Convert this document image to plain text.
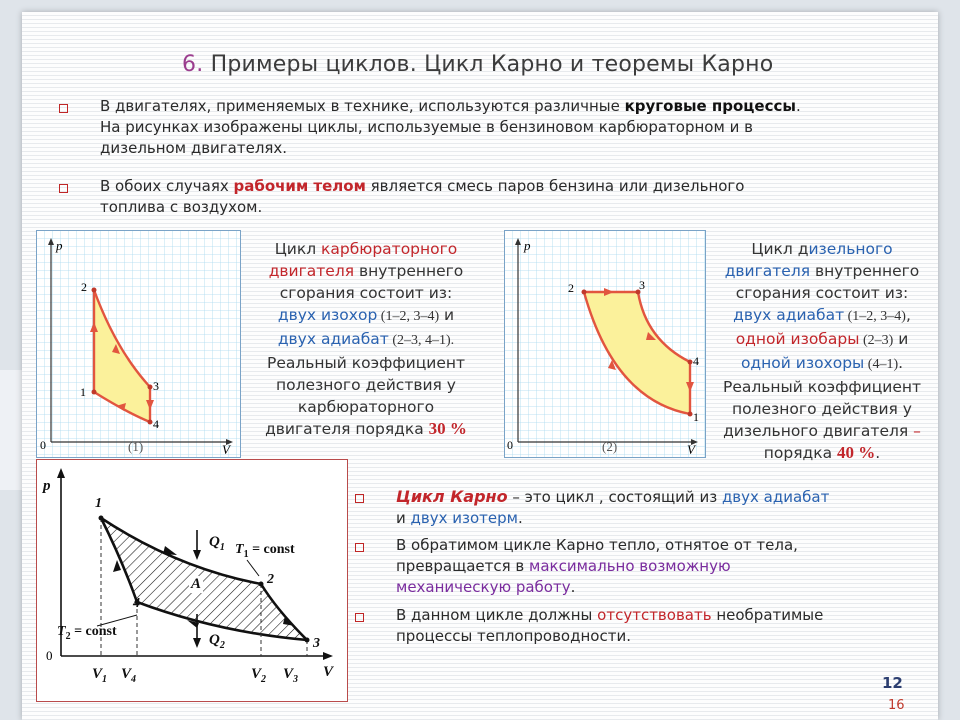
6. Примеры циклов. Цикл Карно и теоремы Карно
В двигателях, применяемых в технике, используются различные круговые процессы.
На рисунках изображены циклы, используемые в бензиновом карбюраторном и в
дизельном двигателях.
В обоих случаях рабочим телом является смесь паров бензина или дизельного
топлива с воздухом.
p
V
0	(1)
1
2
3
4
Цикл карбюраторного
двигателя внутреннего
сгорания состоит из:
двух изохор (1–2, 3–4) и
двух адиабат (2–3, 4–1).
Реальный коэффициент
полезного действия у
карбюраторного
двигателя порядка 30 %
p
V
0	(2)
1
2	3
4
Цикл дизельного
двигателя внутреннего
сгорания состоит из:
двух адиабат (1–2, 3–4),
одной изобары (2–3) и
одной изохоры (4–1).
Реальный коэффициент
полезного действия у
дизельного двигателя –
порядка 40 %.
p
V
0
1
2
3
4
$Q_1$
$Q_2$
$T_1$ = const
$T_2$ = const
A
$V_1$ $V_4$	$V_2$ $V_3$
Цикл Карно – это цикл , состоящий из двух адиабат
и двух изотерм.
В обратимом цикле Карно тепло, отнятое от тела,
превращается в максимально возможную
механическую работу.
В данном цикле должны отсутствовать необратимые
процессы теплопроводности.
12
16
